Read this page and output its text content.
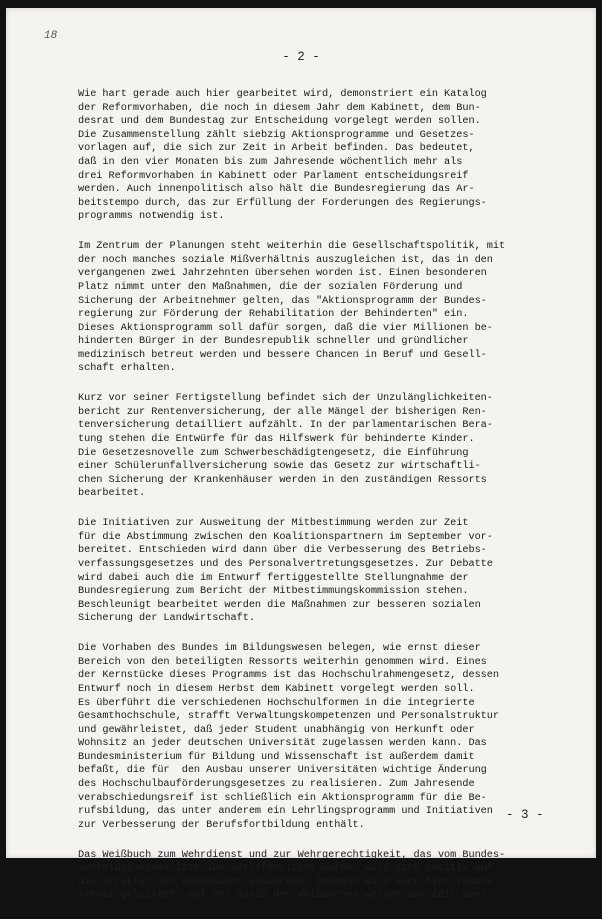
18
- 2 -
Wie hart gerade auch hier gearbeitet wird, demonstriert ein Katalog
der Reformvorhaben, die noch in diesem Jahr dem Kabinett, dem Bun-
desrat und dem Bundestag zur Entscheidung vorgelegt werden sollen.
Die Zusammenstellung zählt siebzig Aktionsprogramme und Gesetzes-
vorlagen auf, die sich zur Zeit in Arbeit befinden. Das bedeutet,
daß in den vier Monaten bis zum Jahresende wöchentlich mehr als
drei Reformvorhaben in Kabinett oder Parlament entscheidungsreif
werden. Auch innenpolitisch also hält die Bundesregierung das Ar-
beitstempo durch, das zur Erfüllung der Forderungen des Regierungs-
programms notwendig ist.
Im Zentrum der Planungen steht weiterhin die Gesellschaftspolitik, mit
der noch manches soziale Mißverhältnis auszugleichen ist, das in den
vergangenen zwei Jahrzehnten übersehen worden ist. Einen besonderen
Platz nimmt unter den Maßnahmen, die der sozialen Förderung und
Sicherung der Arbeitnehmer gelten, das "Aktionsprogramm der Bundes-
regierung zur Förderung der Rehabilitation der Behinderten" ein.
Dieses Aktionsprogramm soll dafür sorgen, daß die vier Millionen be-
hinderten Bürger in der Bundesrepublik schneller und gründlicher
medizinisch betreut werden und bessere Chancen in Beruf und Gesell-
schaft erhalten.
Kurz vor seiner Fertigstellung befindet sich der Unzulänglichkeiten-
bericht zur Rentenversicherung, der alle Mängel der bisherigen Ren-
tenversicherung detailliert aufzählt. In der parlamentarischen Bera-
tung stehen die Entwürfe für das Hilfswerk für behinderte Kinder.
Die Gesetzesnovelle zum Schwerbeschädigtengesetz, die Einführung
einer Schülerunfallversicherung sowie das Gesetz zur wirtschaftli-
chen Sicherung der Krankenhäuser werden in den zuständigen Ressorts
bearbeitet.
Die Initiativen zur Ausweitung der Mitbestimmung werden zur Zeit
für die Abstimmung zwischen den Koalitionspartnern im September vor-
bereitet. Entschieden wird dann über die Verbesserung des Betriebs-
verfassungsgesetzes und des Personalvertretungsgesetzes. Zur Debatte
wird dabei auch die im Entwurf fertiggestellte Stellungnahme der
Bundesregierung zum Bericht der Mitbestimmungskommission stehen.
Beschleunigt bearbeitet werden die Maßnahmen zur besseren sozialen
Sicherung der Landwirtschaft.
Die Vorhaben des Bundes im Bildungswesen belegen, wie ernst dieser
Bereich von den beteiligten Ressorts weiterhin genommen wird. Eines
der Kernstücke dieses Programms ist das Hochschulrahmengesetz, dessen
Entwurf noch in diesem Herbst dem Kabinett vorgelegt werden soll.
Es überführt die verschiedenen Hochschulformen in die integrierte
Gesamthochschule, strafft Verwaltungskompetenzen und Personalstruktur
und gewährleistet, daß jeder Student unabhängig von Herkunft oder
Wohnsitz an jeder deutschen Universität zugelassen werden kann. Das
Bundesministerium für Bildung und Wissenschaft ist außerdem damit
befaßt, die für  den Ausbau unserer Universitäten wichtige Änderung
des Hochschulbauförderungsgesetzes zu realisieren. Zum Jahresende
verabschiedungsreif ist schließlich ein Aktionsprogramm für die Be-
rufsbildung, das unter anderem ein Lehrlingsprogramm und Initiativen
zur Verbesserung der Berufsfortbildung enthält.
Das Weißbuch zum Wehrdienst und zur Wehrgerechtigkeit, das vom Bundes-
verteidigungsministerium veröffentlicht wurde, wird sich positiv auf
die Struktur der Bundeswehr auswirken. Deshalb wird auch hier rasche
Arbeit geleistet. Auf der Basis des Weißbuches werden zur Zeit über
- 3 -
